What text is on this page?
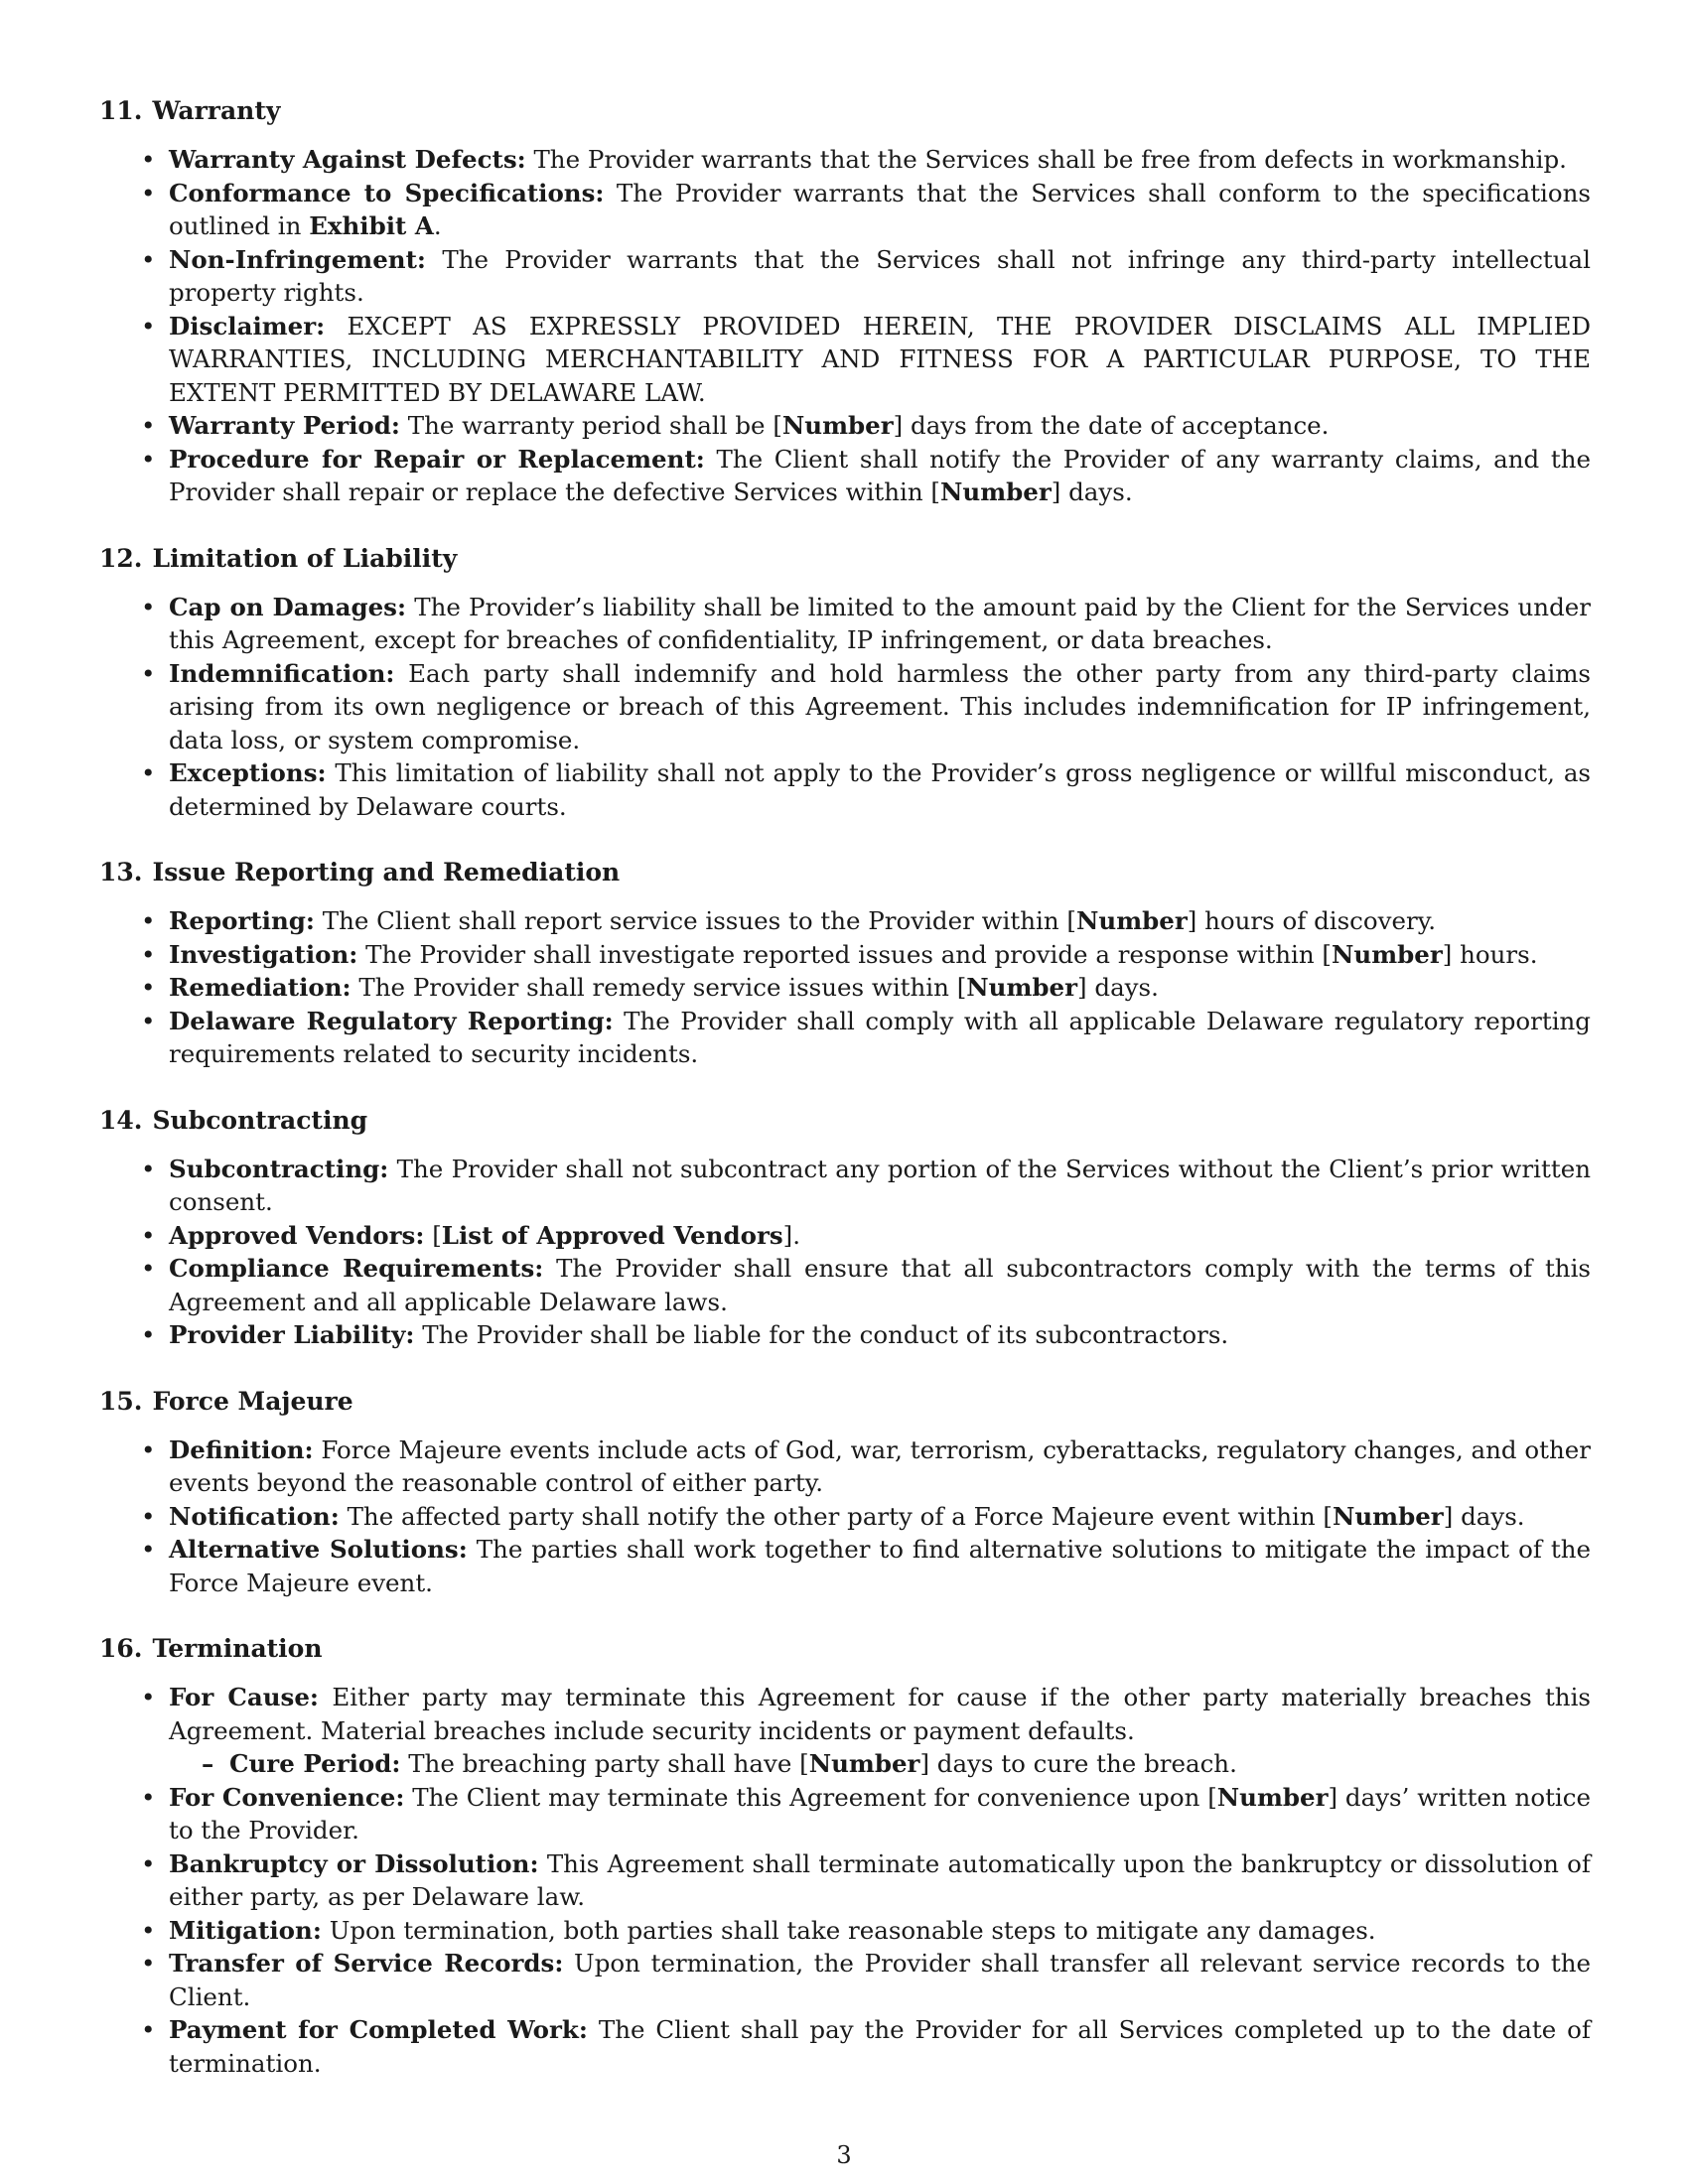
11. Warranty
• Warranty Against Defects: The Provider warrants that the Services shall be free from defects in workmanship.
• Conformance to Specifications: The Provider warrants that the Services shall conform to the specifications outlined in Exhibit A.
• Non-Infringement: The Provider warrants that the Services shall not infringe any third-party intellectual property rights.
• Disclaimer: EXCEPT AS EXPRESSLY PROVIDED HEREIN, THE PROVIDER DISCLAIMS ALL IMPLIED WARRANTIES, INCLUDING MERCHANTABILITY AND FITNESS FOR A PARTICULAR PURPOSE, TO THE EXTENT PERMITTED BY DELAWARE LAW.
• Warranty Period: The warranty period shall be [Number] days from the date of acceptance.
• Procedure for Repair or Replacement: The Client shall notify the Provider of any warranty claims, and the Provider shall repair or replace the defective Services within [Number] days.
12. Limitation of Liability
• Cap on Damages: The Provider’s liability shall be limited to the amount paid by the Client for the Services under this Agreement, except for breaches of confidentiality, IP infringement, or data breaches.
• Indemnification: Each party shall indemnify and hold harmless the other party from any third-party claims arising from its own negligence or breach of this Agreement. This includes indemnification for IP infringement, data loss, or system compromise.
• Exceptions: This limitation of liability shall not apply to the Provider’s gross negligence or willful misconduct, as determined by Delaware courts.
13. Issue Reporting and Remediation
• Reporting: The Client shall report service issues to the Provider within [Number] hours of discovery.
• Investigation: The Provider shall investigate reported issues and provide a response within [Number] hours.
• Remediation: The Provider shall remedy service issues within [Number] days.
• Delaware Regulatory Reporting: The Provider shall comply with all applicable Delaware regulatory reporting requirements related to security incidents.
14. Subcontracting
• Subcontracting: The Provider shall not subcontract any portion of the Services without the Client’s prior written consent.
• Approved Vendors: [List of Approved Vendors].
• Compliance Requirements: The Provider shall ensure that all subcontractors comply with the terms of this Agreement and all applicable Delaware laws.
• Provider Liability: The Provider shall be liable for the conduct of its subcontractors.
15. Force Majeure
• Definition: Force Majeure events include acts of God, war, terrorism, cyberattacks, regulatory changes, and other events beyond the reasonable control of either party.
• Notification: The affected party shall notify the other party of a Force Majeure event within [Number] days.
• Alternative Solutions: The parties shall work together to find alternative solutions to mitigate the impact of the Force Majeure event.
16. Termination
• For Cause: Either party may terminate this Agreement for cause if the other party materially breaches this Agreement. Material breaches include security incidents or payment defaults.
– Cure Period: The breaching party shall have [Number] days to cure the breach.
• For Convenience: The Client may terminate this Agreement for convenience upon [Number] days’ written notice to the Provider.
• Bankruptcy or Dissolution: This Agreement shall terminate automatically upon the bankruptcy or dissolution of either party, as per Delaware law.
• Mitigation: Upon termination, both parties shall take reasonable steps to mitigate any damages.
• Transfer of Service Records: Upon termination, the Provider shall transfer all relevant service records to the Client.
• Payment for Completed Work: The Client shall pay the Provider for all Services completed up to the date of termination.
3
